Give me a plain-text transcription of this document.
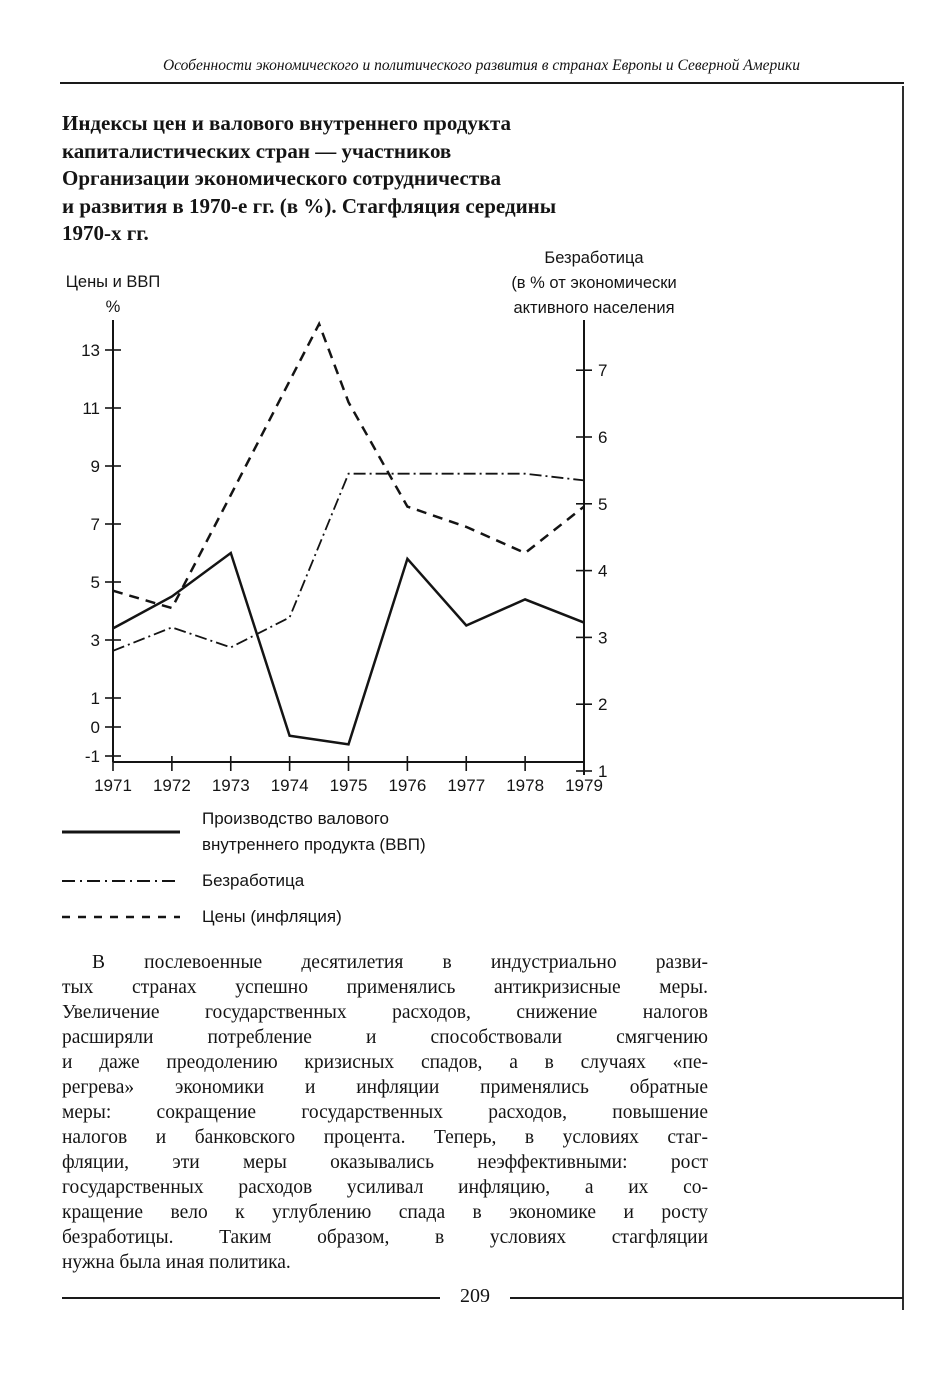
Особенности экономического и политического развития в странах Европы и Северной Америки
Индексы цен и валового внутреннего продукта
капиталистических стран — участников
Организации экономического сотрудничества
и развития в 1970-е гг. (в %). Стагфляция середины
1970-х гг.
Цены и ВВП
%
Безработица
(в % от экономически
активного населения
13
11
9
7
5
3
1
0
-1
7
6
5
4
3
2
1
1971 1972 1973 1974 1975 1976 1977 1978 1979
Производство валового
внутреннего продукта (ВВП)
Безработица
Цены (инфляция)
В послевоенные десятилетия в индустриально разви-
тых странах успешно применялись антикризисные меры.
Увеличение государственных расходов, снижение налогов
расширяли потребление и способствовали смягчению
и даже преодолению кризисных спадов, а в случаях «пе-
регрева» экономики и инфляции применялись обратные
меры: сокращение государственных расходов, повышение
налогов и банковского процента. Теперь, в условиях стаг-
фляции, эти меры оказывались неэффективными: рост
государственных расходов усиливал инфляцию, а их со-
кращение вело к углублению спада в экономике и росту
безработицы. Таким образом, в условиях стагфляции
нужна была иная политика.
209
